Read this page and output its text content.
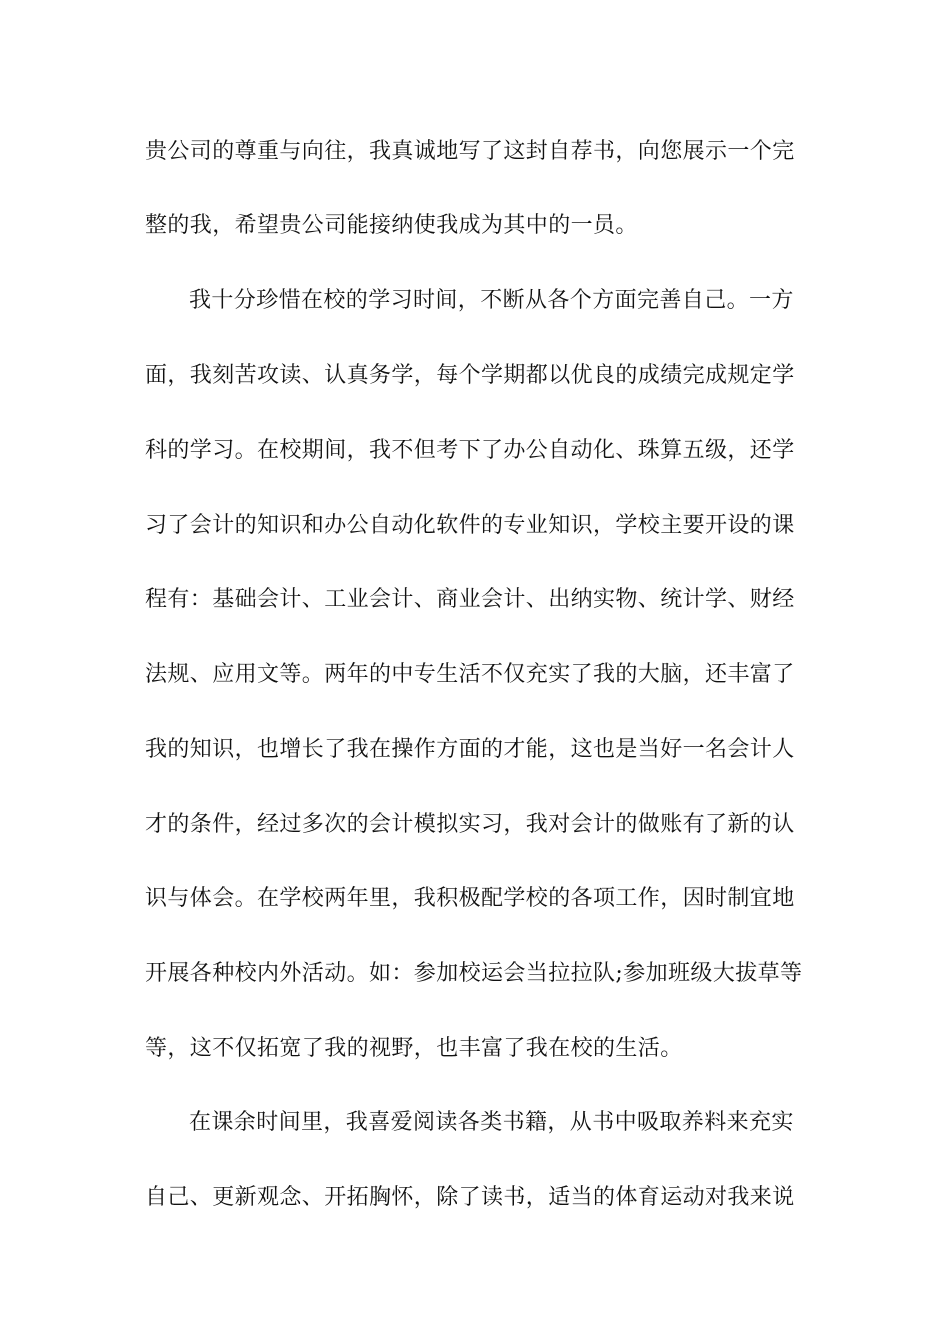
贵公司的尊重与向往，我真诚地写了这封自荐书，向您展示一个完
整的我，希望贵公司能接纳使我成为其中的一员。
我十分珍惜在校的学习时间，不断从各个方面完善自己。一方
面，我刻苦攻读、认真务学，每个学期都以优良的成绩完成规定学
科的学习。在校期间，我不但考下了办公自动化、珠算五级，还学
习了会计的知识和办公自动化软件的专业知识，学校主要开设的课
程有：基础会计、工业会计、商业会计、出纳实物、统计学、财经
法规、应用文等。两年的中专生活不仅充实了我的大脑，还丰富了
我的知识，也增长了我在操作方面的才能，这也是当好一名会计人
才的条件，经过多次的会计模拟实习，我对会计的做账有了新的认
识与体会。在学校两年里，我积极配学校的各项工作，因时制宜地
开展各种校内外活动。如：参加校运会当拉拉队;参加班级大拔草等
等，这不仅拓宽了我的视野，也丰富了我在校的生活。
在课余时间里，我喜爱阅读各类书籍，从书中吸取养料来充实
自己、更新观念、开拓胸怀，除了读书，适当的体育运动对我来说
